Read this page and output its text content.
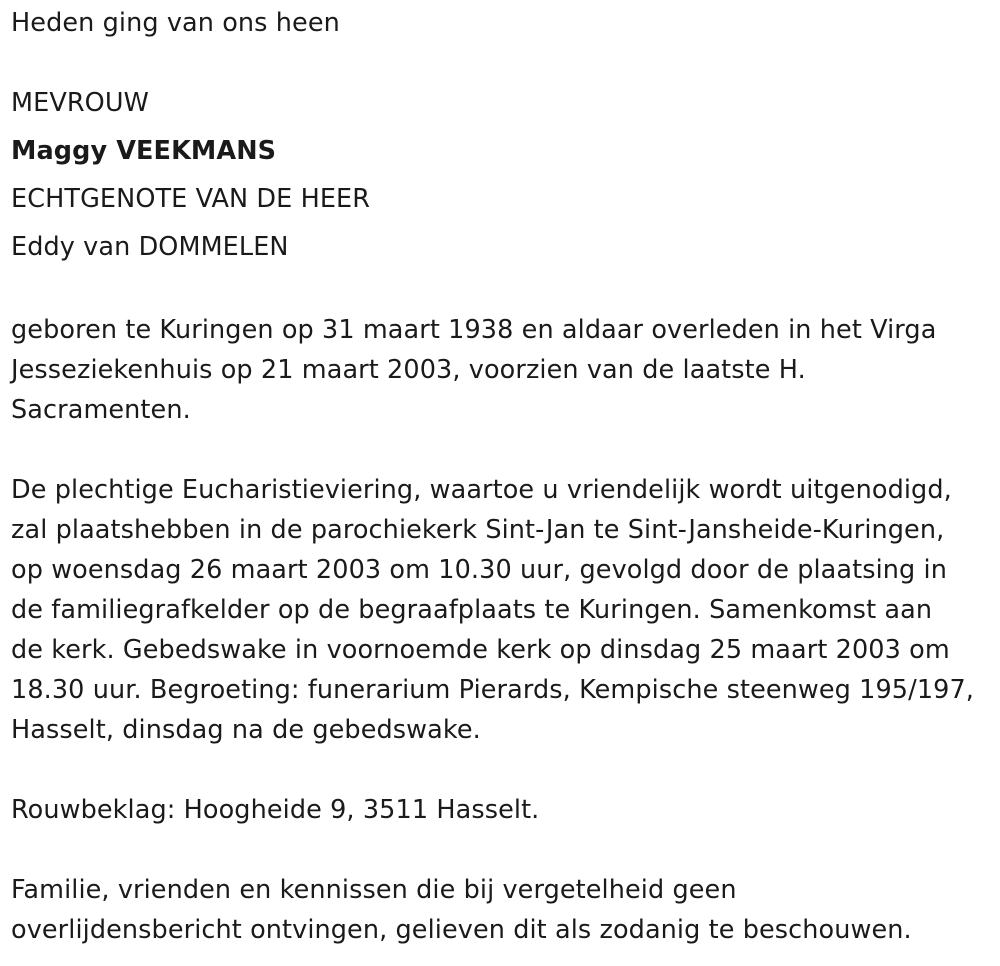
Heden ging van ons heen
MEVROUW
Maggy VEEKMANS
ECHTGENOTE VAN DE HEER
Eddy van DOMMELEN
geboren te Kuringen op 31 maart 1938 en aldaar overleden in het Virga
Jesseziekenhuis op 21 maart 2003, voorzien van de laatste H.
Sacramenten.
De plechtige Eucharistieviering, waartoe u vriendelijk wordt uitgenodigd,
zal plaatshebben in de parochiekerk Sint-Jan te Sint-Jansheide-Kuringen,
op woensdag 26 maart 2003 om 10.30 uur, gevolgd door de plaatsing in
de familiegrafkelder op de begraafplaats te Kuringen. Samenkomst aan
de kerk. Gebedswake in voornoemde kerk op dinsdag 25 maart 2003 om
18.30 uur. Begroeting: funerarium Pierards, Kempische steenweg 195/197,
Hasselt, dinsdag na de gebedswake.
Rouwbeklag: Hoogheide 9, 3511 Hasselt.
Familie, vrienden en kennissen die bij vergetelheid geen
overlijdensbericht ontvingen, gelieven dit als zodanig te beschouwen.
